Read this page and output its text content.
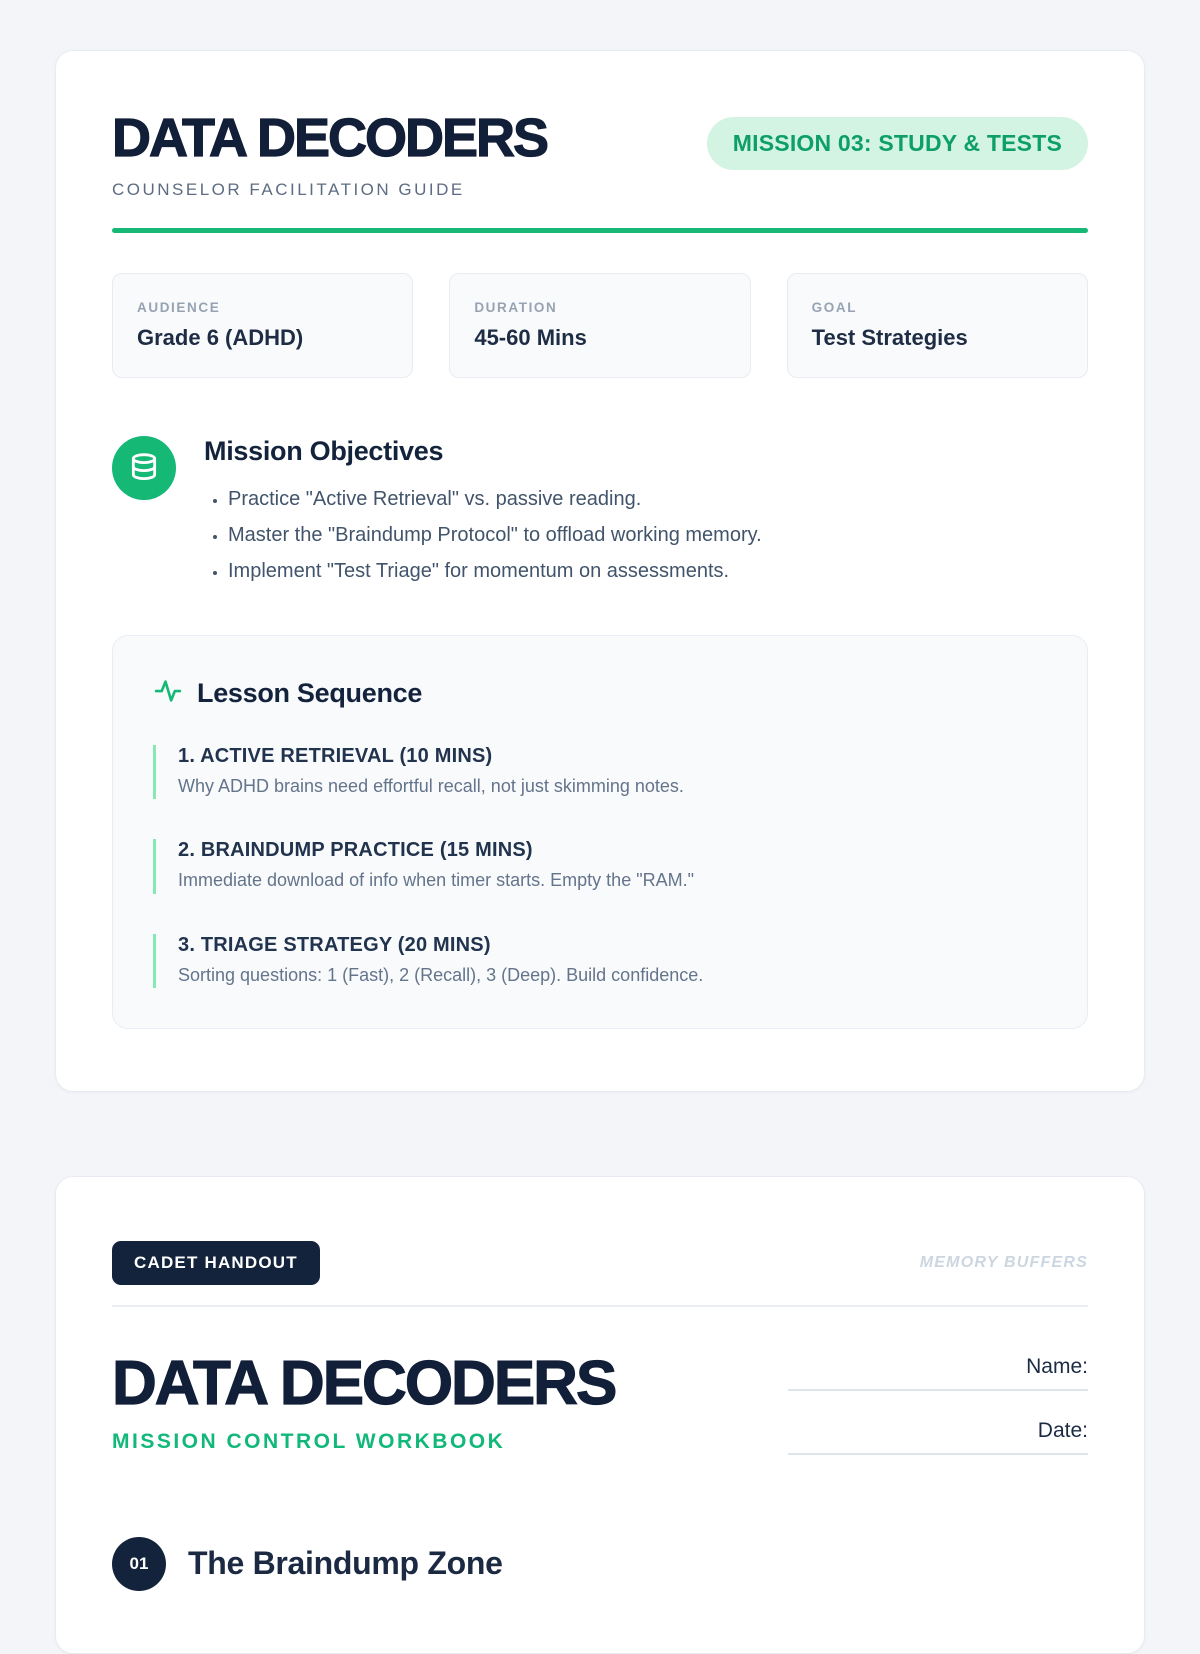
DATA DECODERS
COUNSELOR FACILITATION GUIDE
MISSION 03: STUDY & TESTS
AUDIENCE
Grade 6 (ADHD)
DURATION
45-60 Mins
GOAL
Test Strategies
Mission Objectives
• Practice "Active Retrieval" vs. passive reading.
• Master the "Braindump Protocol" to offload working memory.
• Implement "Test Triage" for momentum on assessments.
Lesson Sequence
1. ACTIVE RETRIEVAL (10 MINS)
Why ADHD brains need effortful recall, not just skimming notes.
2. BRAINDUMP PRACTICE (15 MINS)
Immediate download of info when timer starts. Empty the "RAM."
3. TRIAGE STRATEGY (20 MINS)
Sorting questions: 1 (Fast), 2 (Recall), 3 (Deep). Build confidence.
CADET HANDOUT	MEMORY BUFFERS
DATA DECODERS
MISSION CONTROL WORKBOOK
Name:
Date:
01	The Braindump Zone
